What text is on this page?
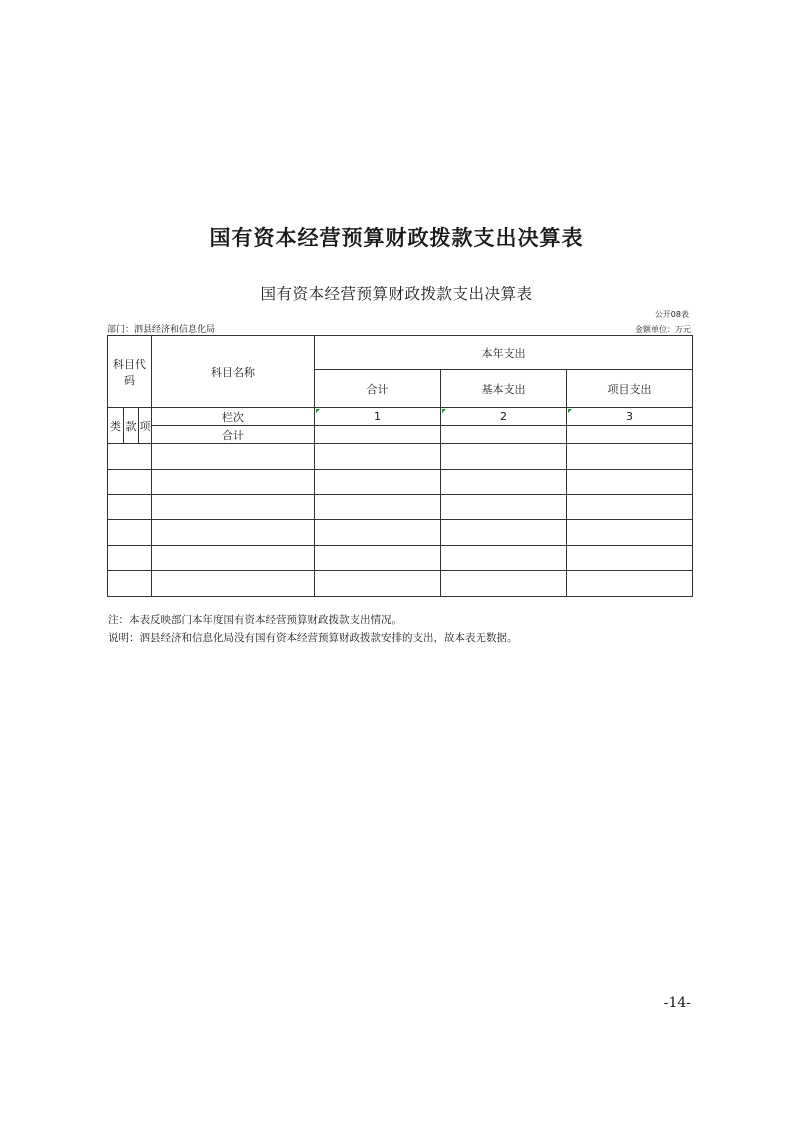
国有资本经营预算财政拨款支出决算表
国有资本经营预算财政拨款支出决算表
公开08表
部门：泗县经济和信息化局	金额单位：万元
科目代码			科目名称	本年支出		
				合计	基本支出	项目支出
类	款	项	栏次	1	2	3
			合计			

注：本表反映部门本年度国有资本经营预算财政拨款支出情况。
说明：泗县经济和信息化局没有国有资本经营预算财政拨款安排的支出，故本表无数据。
-14-
